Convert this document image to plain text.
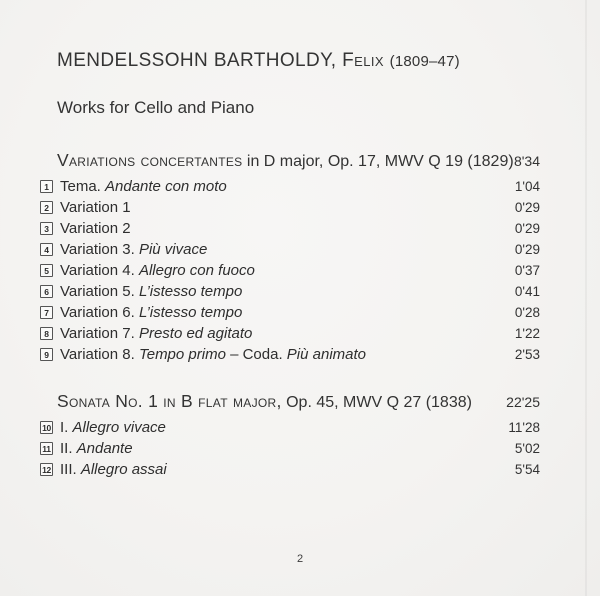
MENDELSSOHN BARTHOLDY, Felix (1809–47)
Works for Cello and Piano
Variations concertantes in D major, Op. 17, MWV Q 19 (1829) 8'34
1 Tema. Andante con moto	1'04
2 Variation 1	0'29
3 Variation 2	0'29
4 Variation 3. Più vivace	0'29
5 Variation 4. Allegro con fuoco	0'37
6 Variation 5. L’istesso tempo	0'41
7 Variation 6. L’istesso tempo	0'28
8 Variation 7. Presto ed agitato	1'22
9 Variation 8. Tempo primo – Coda. Più animato	2'53
Sonata No. 1 in B flat major, Op. 45, MWV Q 27 (1838)	22'25
10 I. Allegro vivace	11'28
11 II. Andante	5'02
12 III. Allegro assai	5'54
2
